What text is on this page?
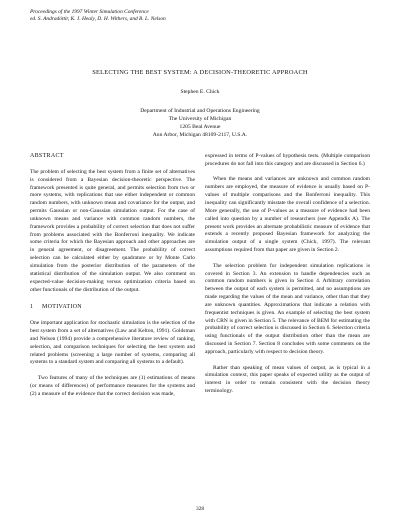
Proceedings of the 1997 Winter Simulation Conference
ed. S. Andradóttir, K. J. Healy, D. H. Withers, and B. L. Nelson
SELECTING THE BEST SYSTEM: A DECISION-THEORETIC APPROACH
Stephen E. Chick
Department of Industrial and Operations Engineering
The University of Michigan
1205 Beal Avenue
Ann Arbor, Michigan 48109-2117, U.S.A.
ABSTRACT

The problem of selecting the best system from a finite set of alternatives is considered from a Bayesian decision-theoretic perspective. The framework presented is quite general, and permits selection from two or more systems, with replications that use either independent or common random numbers, with unknown mean and covariance for the output, and permits Gaussian or non-Gaussian simulation output. For the case of unknown means and variance with common random numbers, the framework provides a probability of correct selection that does not suffer from problems associated with the Bonferroni inequality. We indicate some criteria for which the Bayesian approach and other approaches are in general agreement, or disagreement. The probability of correct selection can be calculated either by quadrature or by Monte Carlo simulation from the posterior distribution of the parameters of the statistical distribution of the simulation output. We also comment on expected-value decision-making versus optimization criteria based on other functionals of the distribution of the output.

1 MOTIVATION

One important application for stochastic simulation is the selection of the best system from a set of alternatives (Law and Kelton, 1991). Goldsman and Nelson (1994) provide a comprehensive literature review of ranking, selection, and comparison techniques for selecting the best system and related problems (screening a large number of systems, comparing all systems to a standard system and comparing all systems to a default).

Two features of many of the techniques are (1) estimations of means (or means of differences) of performance measures for the systems and (2) a measure of the evidence that the correct decision was made,

expressed in terms of P-values of hypothesis tests. (Multiple comparison procedures do not fall into this category and are discussed in Section 6.)

When the means and variances are unknown and common random numbers are employed, the measure of evidence is usually based on P-values of multiple comparisons and the Bonferroni inequality. This inequality can significantly misstate the overall confidence of a selection. More generally, the use of P-values as a measure of evidence had been called into question by a number of researchers (see Appendix A). The present work provides an alternate probabilistic measure of evidence that extends a recently proposed Bayesian framework for analyzing the simulation output of a single system (Chick, 1997). The relevant assumptions required from that paper are given in Section 2.

The selection problem for independent simulation replications is covered in Section 3. An extension to handle dependencies such as common random numbers is given in Section 4. Arbitrary correlation between the output of each system is permitted, and no assumptions are made regarding the values of the mean and variance, other than that they are unknown quantities. Approximations that indicate a relation with frequentist techniques is given. An example of selecting the best system with CRN is given in Section 5. The relevance of BEM for estimating the probability of correct selection is discussed in Section 6. Selection criteria using functionals of the output distribution other than the mean are discussed in Section 7. Section 8 concludes with some comments on the approach, particularly with respect to decision theory.

Rather than speaking of mean values of output, as is typical in a simulation context, this paper speaks of expected utility as the output of interest in order to remain consistent with the decision theory terminology.

328
